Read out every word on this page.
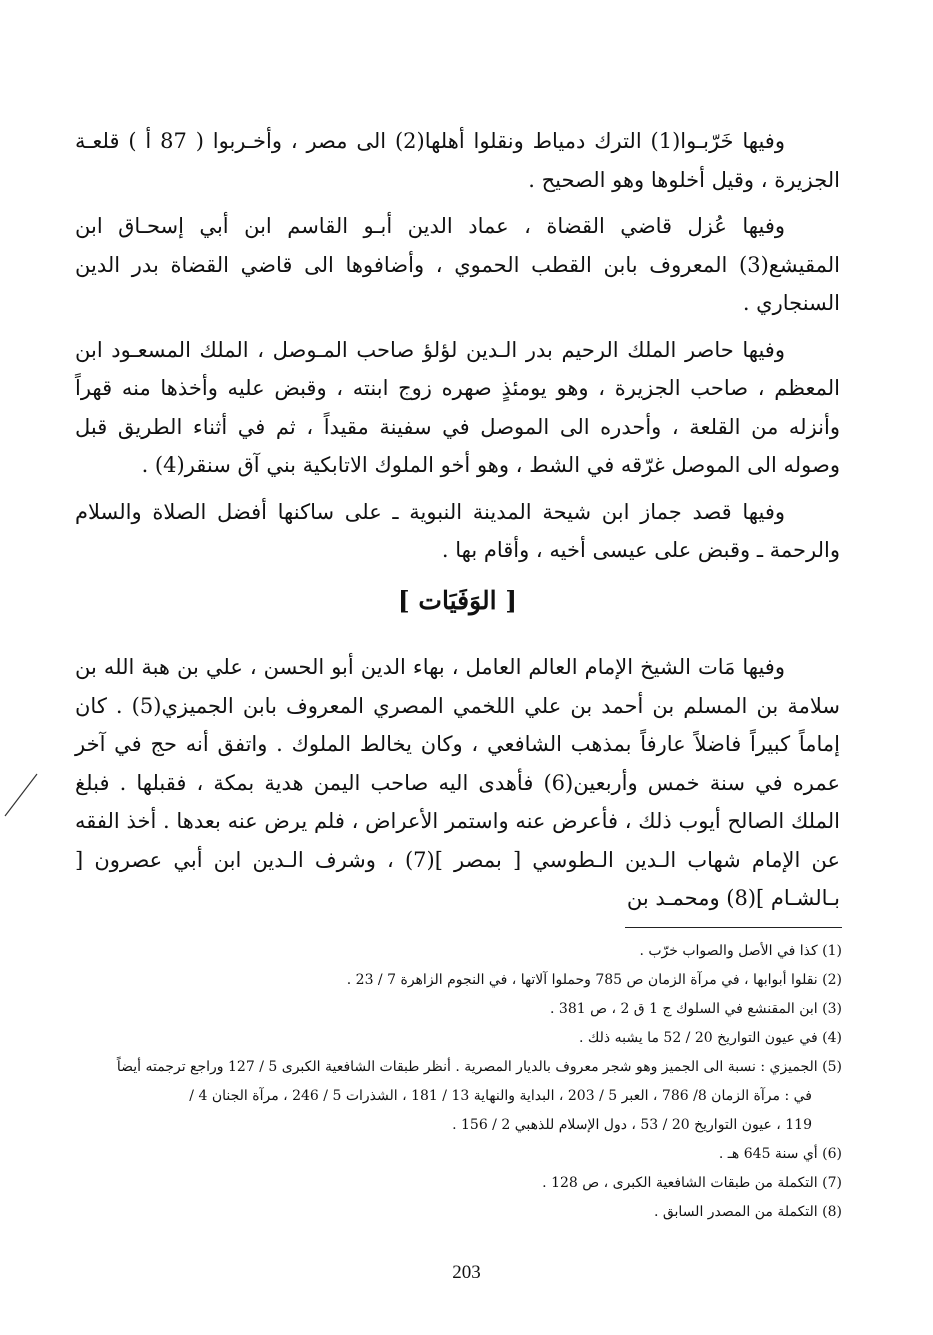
وفيها خَرّبـوا(1) الترك دمياط ونقلوا أهلها(2) الى مصر ، وأخـربوا ( 87 أ ) قلعـة الجزيرة ، وقيل أخلوها وهو الصحيح .

وفيها عُزل قاضي القضاة ، عماد الدين أبـو القاسم ابن أبي إسحـاق ابن المقيشع(3) المعروف بابن القطب الحموي ، وأضافوها الى قاضي القضاة بدر الدين السنجاري .

وفيها حاصر الملك الرحيم بدر الـدين لؤلؤ صاحب المـوصل ، الملك المسعـود ابن المعظم ، صاحب الجزيرة ، وهو يومئذٍ صهره زوج ابنته ، وقبض عليه وأخذها منه قهراً وأنزله من القلعة ، وأحدره الى الموصل في سفينة مقيداً ، ثم في أثناء الطريق قبل وصوله الى الموصل غرّقه في الشط ، وهو أخو الملوك الاتابكية بني آق سنقر(4) .

وفيها قصد جماز ابن شيحة المدينة النبوية ـ على ساكنها أفضل الصلاة والسلام والرحمة ـ وقبض على عيسى أخيه ، وأقام بها .

[ الوَفَيَات ]

وفيها مَات الشيخ الإمام العالم العامل ، بهاء الدين أبو الحسن ، علي بن هبة الله بن سلامة بن المسلم بن أحمد بن علي اللخمي المصري المعروف بابن الجميزي(5) . كان إماماً كبيراً فاضلاً عارفاً بمذهب الشافعي ، وكان يخالط الملوك . واتفق أنه حج في آخر عمره في سنة خمس وأربعين(6) فأهدى اليه صاحب اليمن هدية بمكة ، فقبلها . فبلغ الملك الصالح أيوب ذلك ، فأعرض عنه واستمر الأعراض ، فلم يرض عنه بعدها . أخذ الفقه عن الإمام شهاب الـدين الـطوسي [ بمصر ](7) ، وشرف الـدين ابن أبي عصرون [ بـالشـام ](8) ومحمـد بن

(1) كذا في الأصل والصواب خرّب .

(2) نقلوا أبوابها ، في مرآة الزمان ص 785 وحملوا آلاتها ، في النجوم الزاهرة 7 / 23 .

(3) ابن المقنشع في السلوك ج 1 ق 2 ، ص 381 .

(4) في عيون التواريخ 20 / 52 ما يشبه ذلك .

(5) الجميزي : نسبة الى الجميز وهو شجر معروف بالديار المصرية . أنظر طبقات الشافعية الكبرى 5 / 127 وراجع ترجمته أيضاً

في : مرآة الزمان 8/ 786 ، العبر 5 / 203 ، البداية والنهاية 13 / 181 ، الشذرات 5 / 246 ، مرآة الجنان 4 /

119 ، عيون التواريخ 20 / 53 ، دول الإسلام للذهبي 2 / 156 .

(6) أي سنة 645 هـ .

(7) التكملة من طبقات الشافعية الكبرى ، ص 128 .

(8) التكملة من المصدر السابق .

203
